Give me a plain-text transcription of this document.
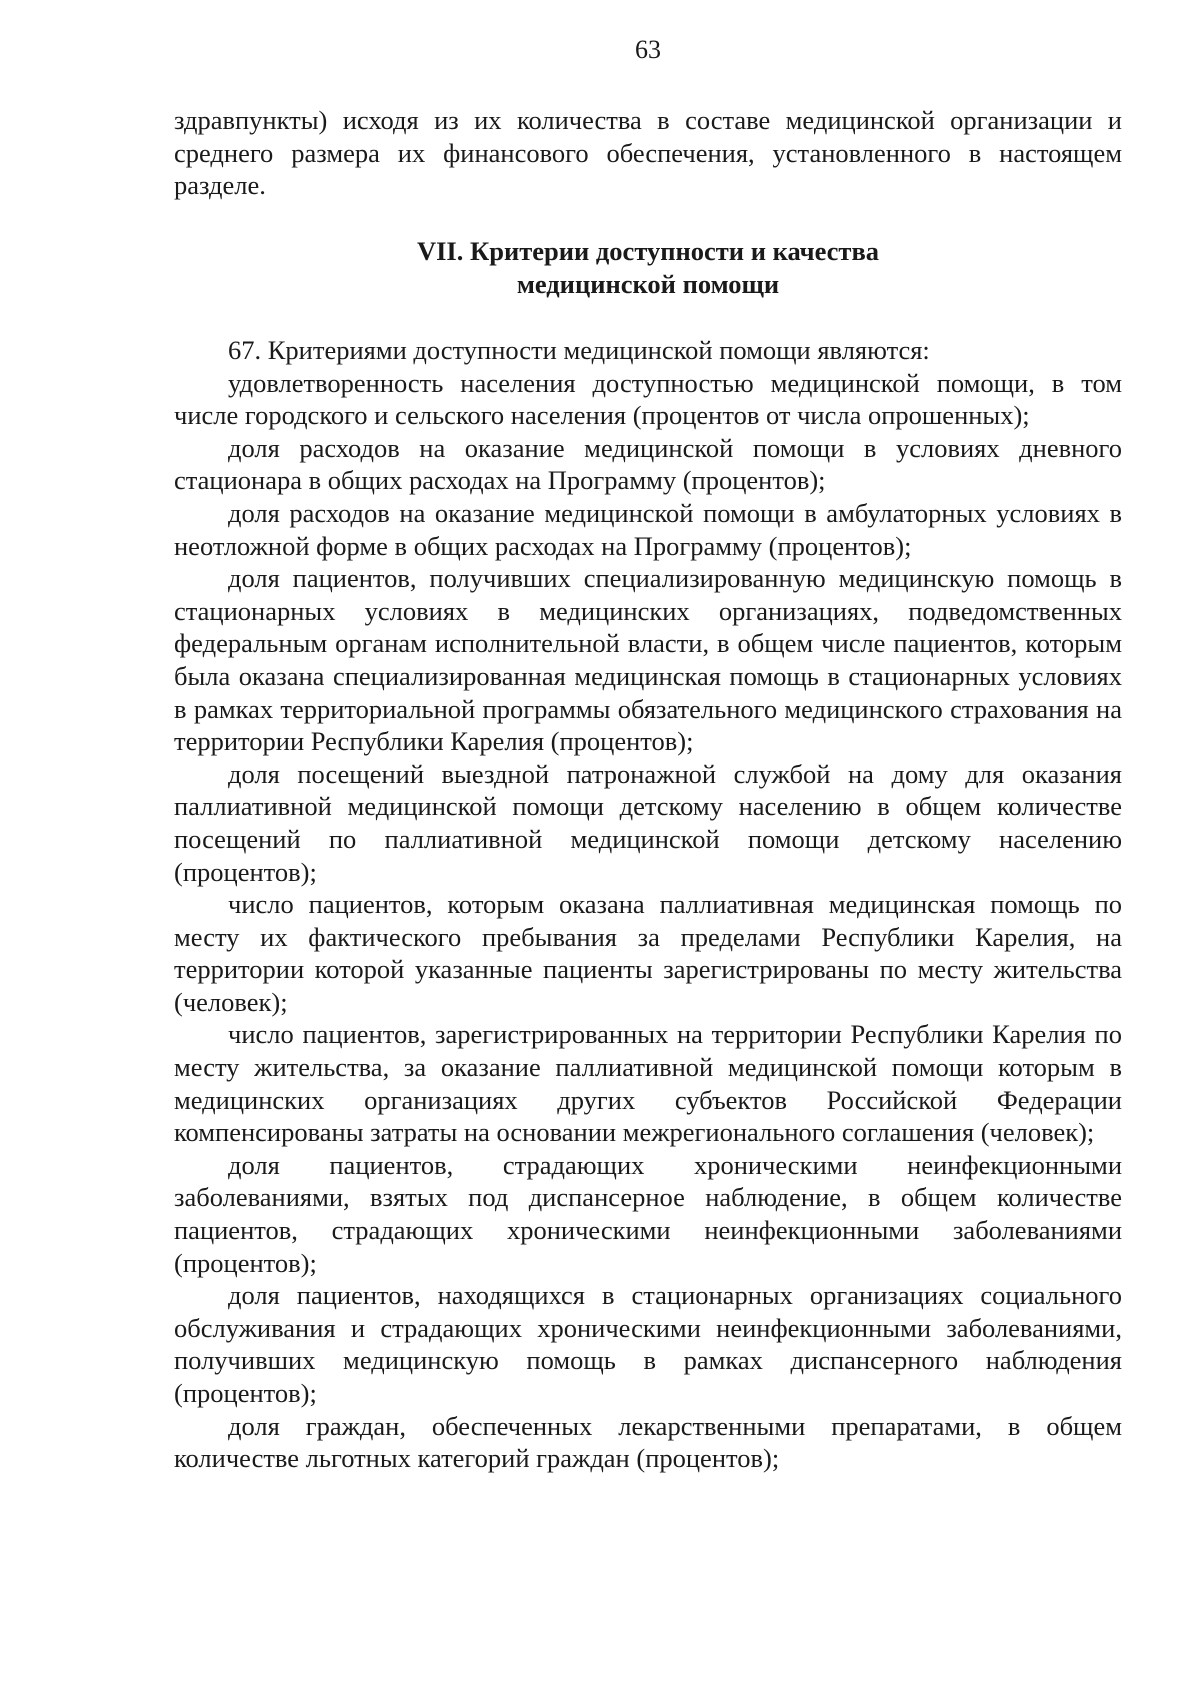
63

здравпункты) исходя из их количества в составе медицинской организации и среднего размера их финансового обеспечения, установленного в настоящем разделе.

VII. Критерии доступности и качества
медицинской помощи

67. Критериями доступности медицинской помощи являются:

удовлетворенность населения доступностью медицинской помощи, в том числе городского и сельского населения (процентов от числа опрошенных);

доля расходов на оказание медицинской помощи в условиях дневного стационара в общих расходах на Программу (процентов);

доля расходов на оказание медицинской помощи в амбулаторных условиях в неотложной форме в общих расходах на Программу (процентов);

доля пациентов, получивших специализированную медицинскую помощь в стационарных условиях в медицинских организациях, подведомственных федеральным органам исполнительной власти, в общем числе пациентов, которым была оказана специализированная медицинская помощь в стационарных условиях в рамках территориальной программы обязательного медицинского страхования на территории Республики Карелия (процентов);

доля посещений выездной патронажной службой на дому для оказания паллиативной медицинской помощи детскому населению в общем количестве посещений по паллиативной медицинской помощи детскому населению (процентов);

число пациентов, которым оказана паллиативная медицинская помощь по месту их фактического пребывания за пределами Республики Карелия, на территории которой указанные пациенты зарегистрированы по месту жительства (человек);

число пациентов, зарегистрированных на территории Республики Карелия по месту жительства, за оказание паллиативной медицинской помощи которым в медицинских организациях других субъектов Российской Федерации компенсированы затраты на основании межрегионального соглашения (человек);

доля пациентов, страдающих хроническими неинфекционными заболеваниями, взятых под диспансерное наблюдение, в общем количестве пациентов, страдающих хроническими неинфекционными заболеваниями (процентов);

доля пациентов, находящихся в стационарных организациях социального обслуживания и страдающих хроническими неинфекционными заболеваниями, получивших медицинскую помощь в рамках диспансерного наблюдения (процентов);

доля граждан, обеспеченных лекарственными препаратами, в общем количестве льготных категорий граждан (процентов);
